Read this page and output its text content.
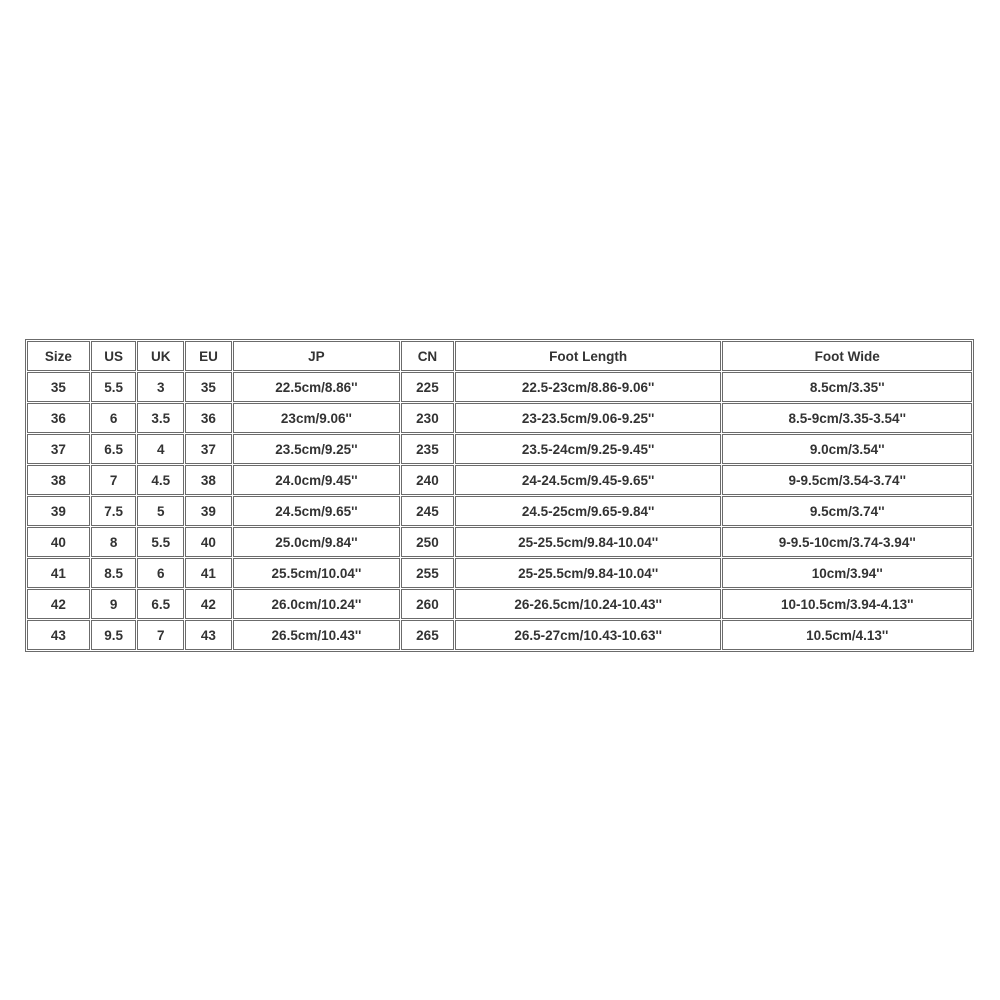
Size	US	UK	EU	JP	CN	Foot Length	Foot Wide
35	5.5	3	35	22.5cm/8.86''	225	22.5-23cm/8.86-9.06''	8.5cm/3.35''
36	6	3.5	36	23cm/9.06''	230	23-23.5cm/9.06-9.25''	8.5-9cm/3.35-3.54''
37	6.5	4	37	23.5cm/9.25''	235	23.5-24cm/9.25-9.45''	9.0cm/3.54''
38	7	4.5	38	24.0cm/9.45''	240	24-24.5cm/9.45-9.65''	9-9.5cm/3.54-3.74''
39	7.5	5	39	24.5cm/9.65''	245	24.5-25cm/9.65-9.84''	9.5cm/3.74''
40	8	5.5	40	25.0cm/9.84''	250	25-25.5cm/9.84-10.04''	9-9.5-10cm/3.74-3.94''
41	8.5	6	41	25.5cm/10.04''	255	25-25.5cm/9.84-10.04''	10cm/3.94''
42	9	6.5	42	26.0cm/10.24''	260	26-26.5cm/10.24-10.43''	10-10.5cm/3.94-4.13''
43	9.5	7	43	26.5cm/10.43''	265	26.5-27cm/10.43-10.63''	10.5cm/4.13''
